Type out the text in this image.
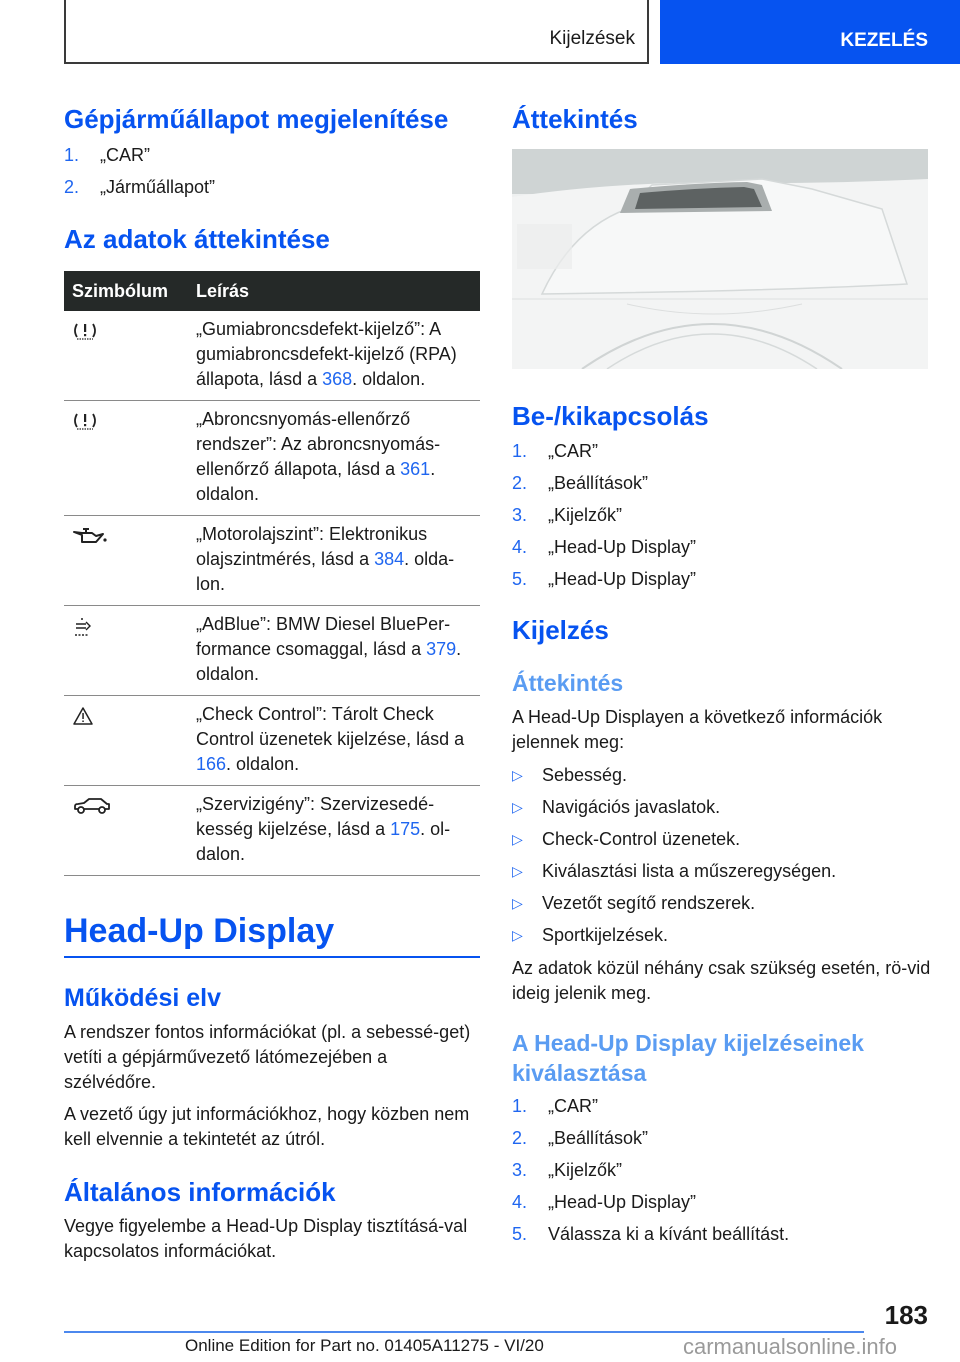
Kijelzések	KEZELÉS
Gépjárműállapot megjelenítése
1. „CAR”
2. „Járműállapot”
Az adatok áttekintése
Szimbólum Leírás
„Gumiabroncsdefekt-kijelző”: A gumiabroncsdefekt-kijelző (RPA) állapota, lásd a 368. oldalon.
„Abroncsnyomás-ellenőrző rendszer”: Az abroncsnyomás-ellenőrző állapota, lásd a 361. oldalon.
„Motorolajszint”: Elektronikus olajszintmérés, lásd a 384. olda-lon.
„AdBlue”: BMW Diesel BluePer-formance csomaggal, lásd a 379. oldalon.
„Check Control”: Tárolt Check Control üzenetek kijelzése, lásd a 166. oldalon.
„Szervizigény”: Szervizesedé-kesség kijelzése, lásd a 175. ol-dalon.
Head-Up Display
Működési elv
A rendszer fontos információkat (pl. a sebessé-get) vetíti a gépjárművezető látómezejében a szélvédőre.
A vezető úgy jut információkhoz, hogy közben nem kell elvennie a tekintetét az útról.
Általános információk
Vegye figyelembe a Head-Up Display tisztításá-val kapcsolatos információkat.
Áttekintés
Be-/kikapcsolás
1. „CAR”
2. „Beállítások”
3. „Kijelzők”
4. „Head-Up Display”
5. „Head-Up Display”
Kijelzés
Áttekintés
A Head-Up Displayen a következő információk jelennek meg:
▷ Sebesség.
▷ Navigációs javaslatok.
▷ Check-Control üzenetek.
▷ Kiválasztási lista a műszeregységen.
▷ Vezetőt segítő rendszerek.
▷ Sportkijelzések.
Az adatok közül néhány csak szükség esetén, rö-vid ideig jelenik meg.
A Head-Up Display kijelzéseinek kiválasztása
1. „CAR”
2. „Beállítások”
3. „Kijelzők”
4. „Head-Up Display”
5. Válassza ki a kívánt beállítást.
183
Online Edition for Part no. 01405A11275 - VI/20	carmanualsonline.info
